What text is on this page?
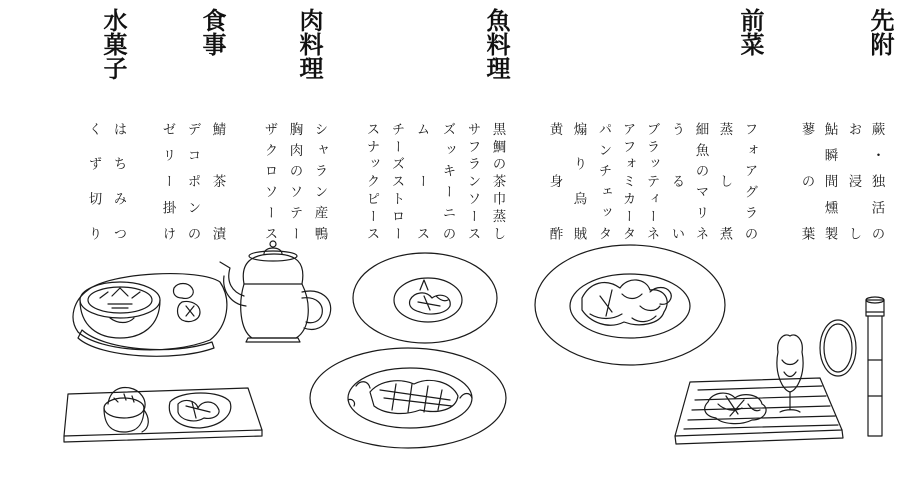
先附
前菜
魚料理
肉料理
食事
水菓子
蕨・独活の
お浸し
鮎瞬間燻製
蓼の葉
フォアグラの
蒸し煮
細魚のマリネ
うるい
ブラッティーネ
アフォミカータ
パンチェッタ
煽り烏賊
黄身酢
黒鯛の茶巾蒸し
サフランソース
ズッキーニの
ムース
チーズストロー
スナックピース
シャラン産鴨
胸肉のソテー
ザクロソース
鯖茶漬
デコポンの
ゼリー掛け
はちみつ
くず切り
